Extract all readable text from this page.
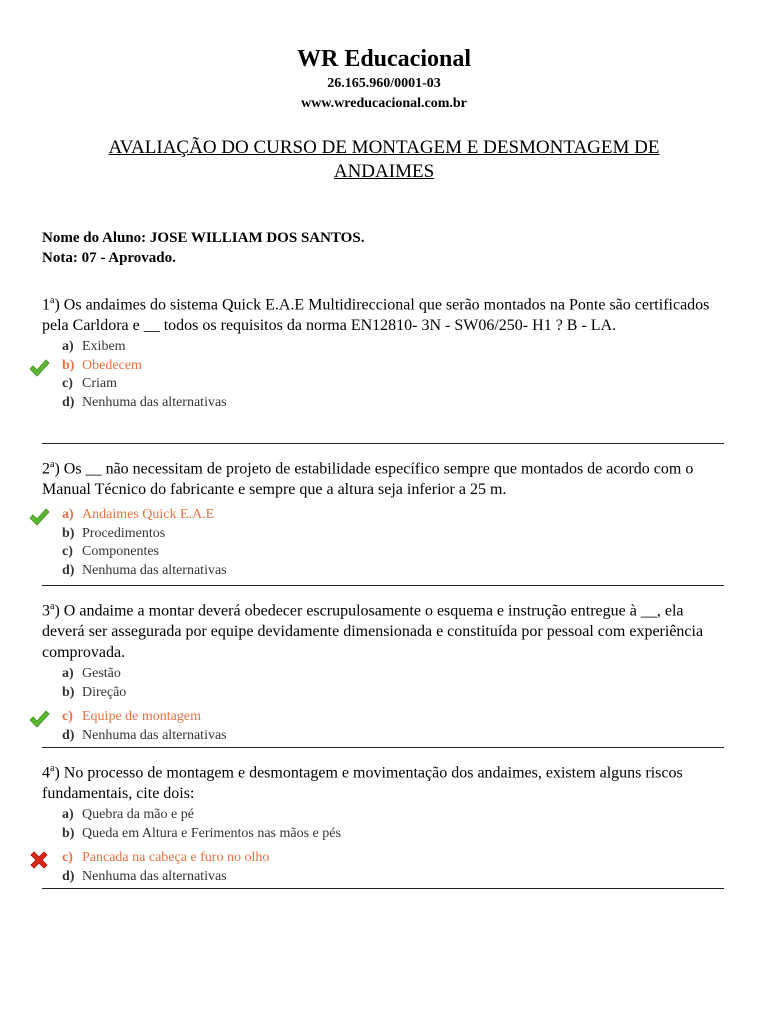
WR Educacional
26.165.960/0001-03
www.wreducacional.com.br
AVALIAÇÃO DO CURSO DE MONTAGEM E DESMONTAGEM DE
ANDAIMES
Nome do Aluno: JOSE WILLIAM DOS SANTOS.
Nota: 07 - Aprovado.
1$^a$) Os andaimes do sistema Quick E.A.E Multidireccional que serão montados na Ponte são certificados pela Carldora e __ todos os requisitos da norma EN12810- 3N - SW06/250- H1 ? B - LA.
a) Exibem
b) Obedecem
c) Criam
d) Nenhuma das alternativas
2$^a$) Os __ não necessitam de projeto de estabilidade específico sempre que montados de acordo com o Manual Técnico do fabricante e sempre que a altura seja inferior a 25 m.
a) Andaimes Quick E.A.E
b) Procedimentos
c) Componentes
d) Nenhuma das alternativas
3$^a$) O andaime a montar deverá obedecer escrupulosamente o esquema e instrução entregue à __, ela deverá ser assegurada por equipe devidamente dimensionada e constituída por pessoal com experiência comprovada.
a) Gestão
b) Direção
c) Equipe de montagem
d) Nenhuma das alternativas
4$^a$) No processo de montagem e desmontagem e movimentação dos andaimes, existem alguns riscos fundamentais, cite dois:
a) Quebra da mão e pé
b) Queda em Altura e Ferimentos nas mãos e pés
c) Pancada na cabeça e furo no olho
d) Nenhuma das alternativas
